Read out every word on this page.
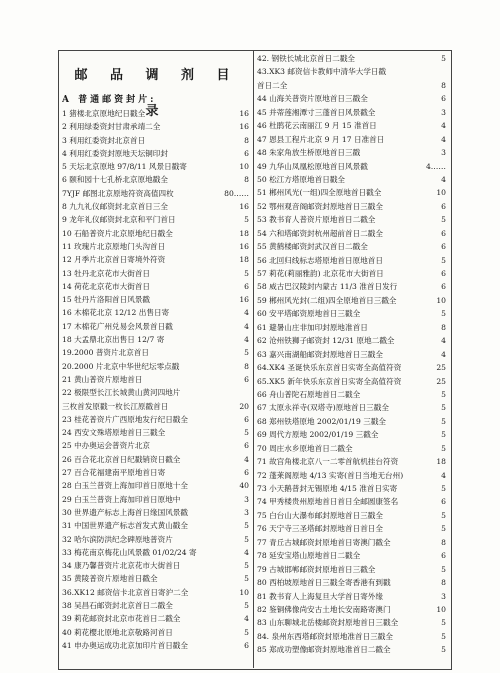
邮 品 调 剂 目 录
A 普通邮资封片:
1 猪楼北京原地纪日戳全	16
2 利用绿委资封甘肃承靖二全	16
3 利用红委资封北京首日	8
4 利用红委资封原地天坛铜印封	6
5 天坛北京原地 97/8/11 风景日戳寄	10
6 颐和园十七孔桥北京原地戳全	8
7YJF 邮图北京原地符资高值四枚	80……
8 九九礼仪邮资封北京首日三全	16
9 龙年礼仪邮资封北京和平门首日	5
10 石船普资片北京原地纪日戳全	18
11 玫瑰片北京原地门头沟首日	16
12 月季片北京首日寄境外符资	18
13 牡丹北京花市大街首日	5
14 荷花北京花市大街首日	6
15 牡丹片洛阳首日风景戳	16
16 木棉花北京 12/12 出售日寄	4
17 木棉花广州兑易会风景首日戳	4
18 大孟鼎北京出售日 12/7 寄	4
19.2000 普资片北京首日	5
20.2000 片北京中华世纪坛零点戳	8
21 黄山普资片原地首日	6
22 极限型长江长城黄山黄河四地片
三枚首发原戳一枚长江原戳首日	20
23 桂花普资片广西原地发行纪日戳全	6
24 西安文殊塔原地首日三戳全	5
25 中办奥运会普资片北京	6
26 百合花北京首日纪戳销资日戳全	4
27 百合花福建南平原地首日寄	6
28 白玉兰普资上海加印首日原地十全	40
29 白玉兰普资上海加印首日原地中	3
30 世界遗产标志上海首日缘国风景戳	3
31 中国世界遗产标志首发式黄山戳全	5
32 哈尔滨防洪纪念碑原地普资片	5
33 梅花南京梅花山风景戳 01/02/24 寄	4
34 康乃馨普资片北京花市大街首日	5
35 黄陵普资片原地首日戳全	5
36.XK12 邮资信卡北京首日寄沪二全	10
38 吴昌石邮资封北京首日二戳全	5
39 莉花邮资封北京市花首日二戳全	4
40 莉花樱北原地北京敬路河首日	5
41 申办奥运成功北京加印片首日戳全	6
42. 钢铁长城北京首日二戳全	5
43.XK3 邮资信卡教师中清华大学日戳
首日二全	8
44 山海关普资片原地首日三戳全	6
45 并蒂莲湘潭寸三蓬首日风景戳全	3
46 杜鹃花云南丽江 9 月 15 准首日	4
47 恩县工程片北京 9 月 17 日准首日	4
48 朱家角放生桥原地首日三戳	3
49 九华山凤凰松原地首日风景戳	4……
50 松江方塔原地首日戳全	4
51 郴州风光(一组)四全原地首日戳全	10
52 鄂州观音阁邮资封原地首日三戳全	6
53 教书育人普资片原地首日二戳全	5
54 六和塔邮资封杭州超前首日二戳全	6
55 黄鹤楼邮资封武汉首日二戳全	6
56 北回归线标志塔原地首日原地首日	5
57 莉花(莉丽雅韵) 北京花市大街首日	6
58 威古巴汉陵封内蒙古 11/3 准首日发行	6
59 郴州风光封(二组)四全原地首日三戳全	10
60 安平塔邮资原地首日三戳全	5
61 避暑山庄非加印封原地准首日	8
62 沧州铁狮子邮资封 12/31 原地二戳全	4
63 嘉兴南湖船邮资封原地首日三戳全	4
64.XK4 圣诞快乐东京首日实寄全高值符资	25
65.XK5 新年快乐东京首日实寄全高值符资	25
66 舟山普陀石原地首日二戳全	5
67 太原永祥寺(双塔寺)原地首日三戳全	5
68 郑州铁塔原地 2002/01/19 三戳全	5
69 周代方原地 2002/01/19 三戳全	5
70 周庄水乡原地首日二戳全	5
71 故宫角楼北京八一二零首航机挂台符资	18
72 蓬莱阁原地 4/13 实寄(首日当地无台州)	4
73 小天鹅普封无锡原地 4/15 准首日实寄	5
74 甲秀楼贵州原地首日首日全邮圆康签名	6
75 白台山大瀑布邮封原地首日三戳全	5
76 天宁寺三圣塔邮封原地首日首日全	5
77 青丘古城邮资封原地首日寄澳门戳全	8
78 延安宝塔山原地首日二戳全	6
79 古城邯郸邮资封原地首日三戳全	5
80 西柏坡原地首日三戳全寄香港有到戳	8
81 教书育人上海复旦大学首日寄外缘	3
82 鉴铜佛像尚安古土地长安南路寄澳门	10
83 山东聊城北岳楼邮资封原地首日三戳全	5
84. 泉州东西塔邮资封原地准首日三戳全	5
85 郑成功塑像邮资封原地准首日二戳全	5
